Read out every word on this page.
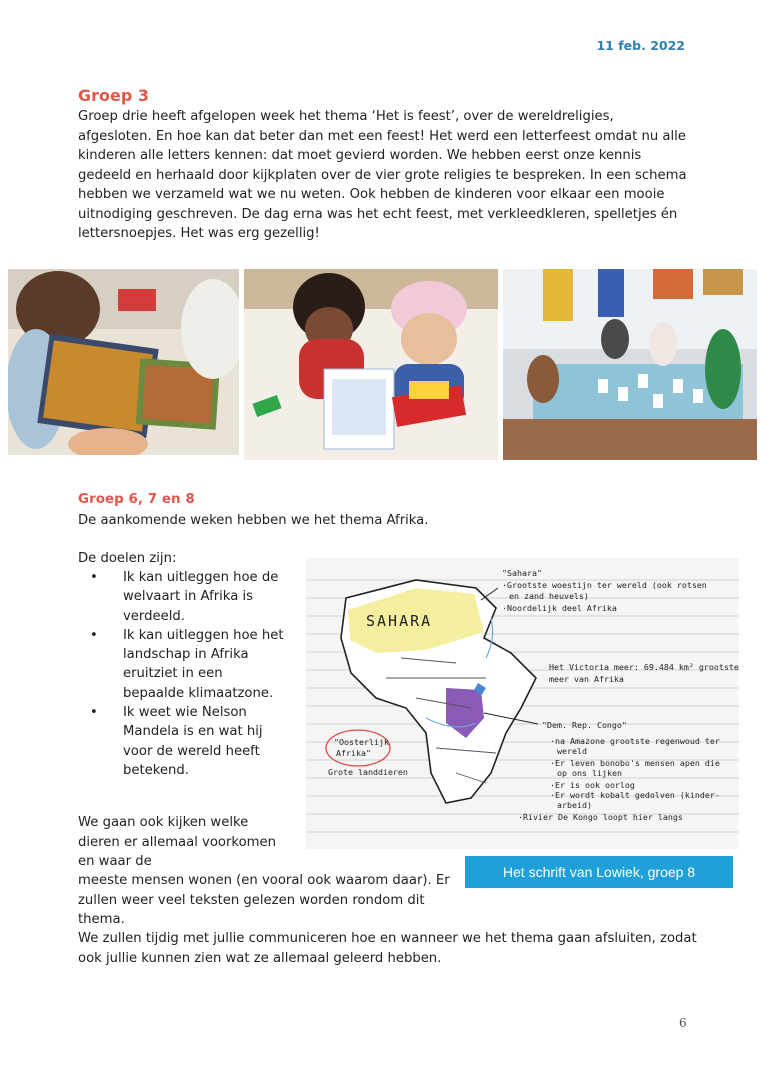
11 feb. 2022
Groep 3

Groep drie heeft afgelopen week het thema ‘Het is feest’, over de wereldreligies, afgesloten. En hoe kan dat beter dan met een feest! Het werd een letterfeest omdat nu alle kinderen alle letters kennen: dat moet gevierd worden. We hebben eerst onze kennis gedeeld en herhaald door kijkplaten over de vier grote religies te bespreken. In een schema hebben we verzameld wat we nu weten. Ook hebben de kinderen voor elkaar een mooie uitnodiging geschreven. De dag erna was het echt feest, met verkleedkleren, spelletjes én lettersnoepjes. Het was erg gezellig!

Groep 6, 7 en 8

De aankomende weken hebben we het thema Afrika.

De doelen zijn:

• Ik kan uitleggen hoe de welvaart in Afrika is verdeeld.
• Ik kan uitleggen hoe het landschap in Afrika eruitziet in een bepaalde klimaatzone.
• Ik weet wie Nelson Mandela is en wat hij voor de wereld heeft betekend.
SAHARA
"Sahara"
·Grootste woestijn ter wereld (ook rotsen
en zand heuvels)
·Noordelijk deel Afrika
Het Victoria meer: 69.484 km² grootste
meer van Afrika
"Dem. Rep. Congo"
·na Amazone grootste regenwoud ter
wereld
·Er leven bonobo's mensen apen die
op ons lijken
·Er is ook oorlog
·Er wordt kobalt gedolven (kinder-
arbeid)
·Rivier De Kongo loopt hier langs
"Oosterlijk
Afrika"
Grote landdieren
Het schrift van Lowiek, groep 8

We gaan ook kijken welke dieren er allemaal voorkomen en waar de

meeste mensen wonen (en vooral ook waarom daar). Er zullen weer veel teksten gelezen worden rondom dit thema.

We zullen tijdig met jullie communiceren hoe en wanneer we het thema gaan afsluiten, zodat ook jullie kunnen zien wat ze allemaal geleerd hebben.

6
